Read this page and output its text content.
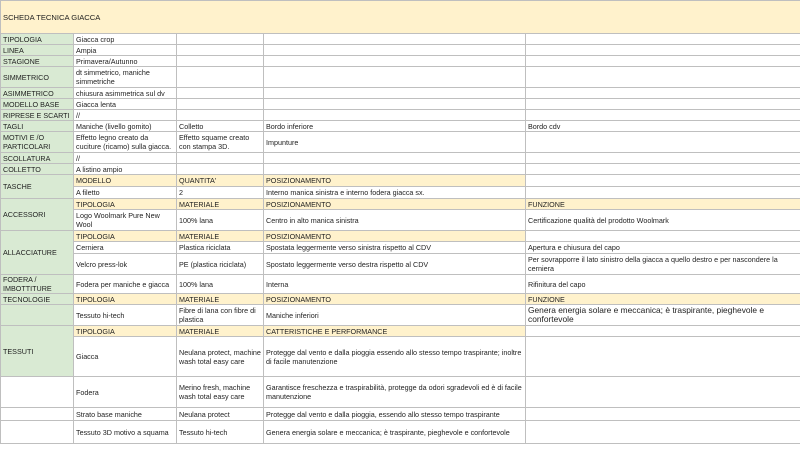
SCHEDA TECNICA GIACCA				
TIPOLOGIA	Giacca crop			
LINEA	Ampia			
STAGIONE	Primavera/Autunno			
SIMMETRICO	dt simmetrico, maniche simmetriche			
ASIMMETRICO	chiusura asimmetrica sul dv			
MODELLO BASE	Giacca lenta			
RIPRESE E SCARTI	//			
TAGLI	Maniche (livello gomito)	Colletto	Bordo inferiore	Bordo cdv
MOTIVI E /O PARTICOLARI	Effetto legno creato da cuciture (ricamo) sulla giacca.	Effetto squame creato con stampa 3D.	Impunture	
SCOLLATURA	//			
COLLETTO	A listino ampio			
TASCHE	MODELLO	QUANTITA'	POSIZIONAMENTO	
	A filetto	2	Interno manica sinistra e interno fodera giacca sx.	
ACCESSORI	TIPOLOGIA	MATERIALE	POSIZIONAMENTO	FUNZIONE
	Logo Woolmark Pure New Wool	100% lana	Centro in alto manica sinistra	Certificazione qualità del prodotto Woolmark
ALLACCIATURE	TIPOLOGIA	MATERIALE	POSIZIONAMENTO	
	Cerniera	Plastica riciclata	Spostata leggermente verso sinistra rispetto al CDV	Apertura e chiusura del capo
	Velcro press-lok	PE (plastica riciclata)	Spostato leggermente verso destra rispetto al CDV	Per sovrapporre il lato sinistro della giacca a quello destro e per nascondere la cerniera
FODERA / IMBOTTITURE	Fodera per maniche e giacca	100% lana	Interna	Rifinitura del capo
TECNOLOGIE	TIPOLOGIA	MATERIALE	POSIZIONAMENTO	FUNZIONE
	Tessuto hi-tech	Fibre di lana con fibre di plastica	Maniche inferiori	Genera energia solare e meccanica; è traspirante, pieghevole e confortevole
TESSUTI	TIPOLOGIA	MATERIALE	CATTERISTICHE E PERFORMANCE	
	Giacca	Neulana protect, machine wash total easy care	Protegge dal vento e dalla pioggia essendo allo stesso tempo traspirante; inoltre di facile manutenzione	
	Fodera	Merino fresh, machine wash total easy care	Garantisce freschezza e traspirabilità, protegge da odori sgradevoli ed è di facile manutenzione	
	Strato base maniche	Neulana protect	Protegge dal vento e dalla pioggia, essendo allo stesso tempo traspirante	
	Tessuto 3D motivo a squama	Tessuto hi-tech	Genera energia solare e meccanica; è traspirante, pieghevole e confortevole	
